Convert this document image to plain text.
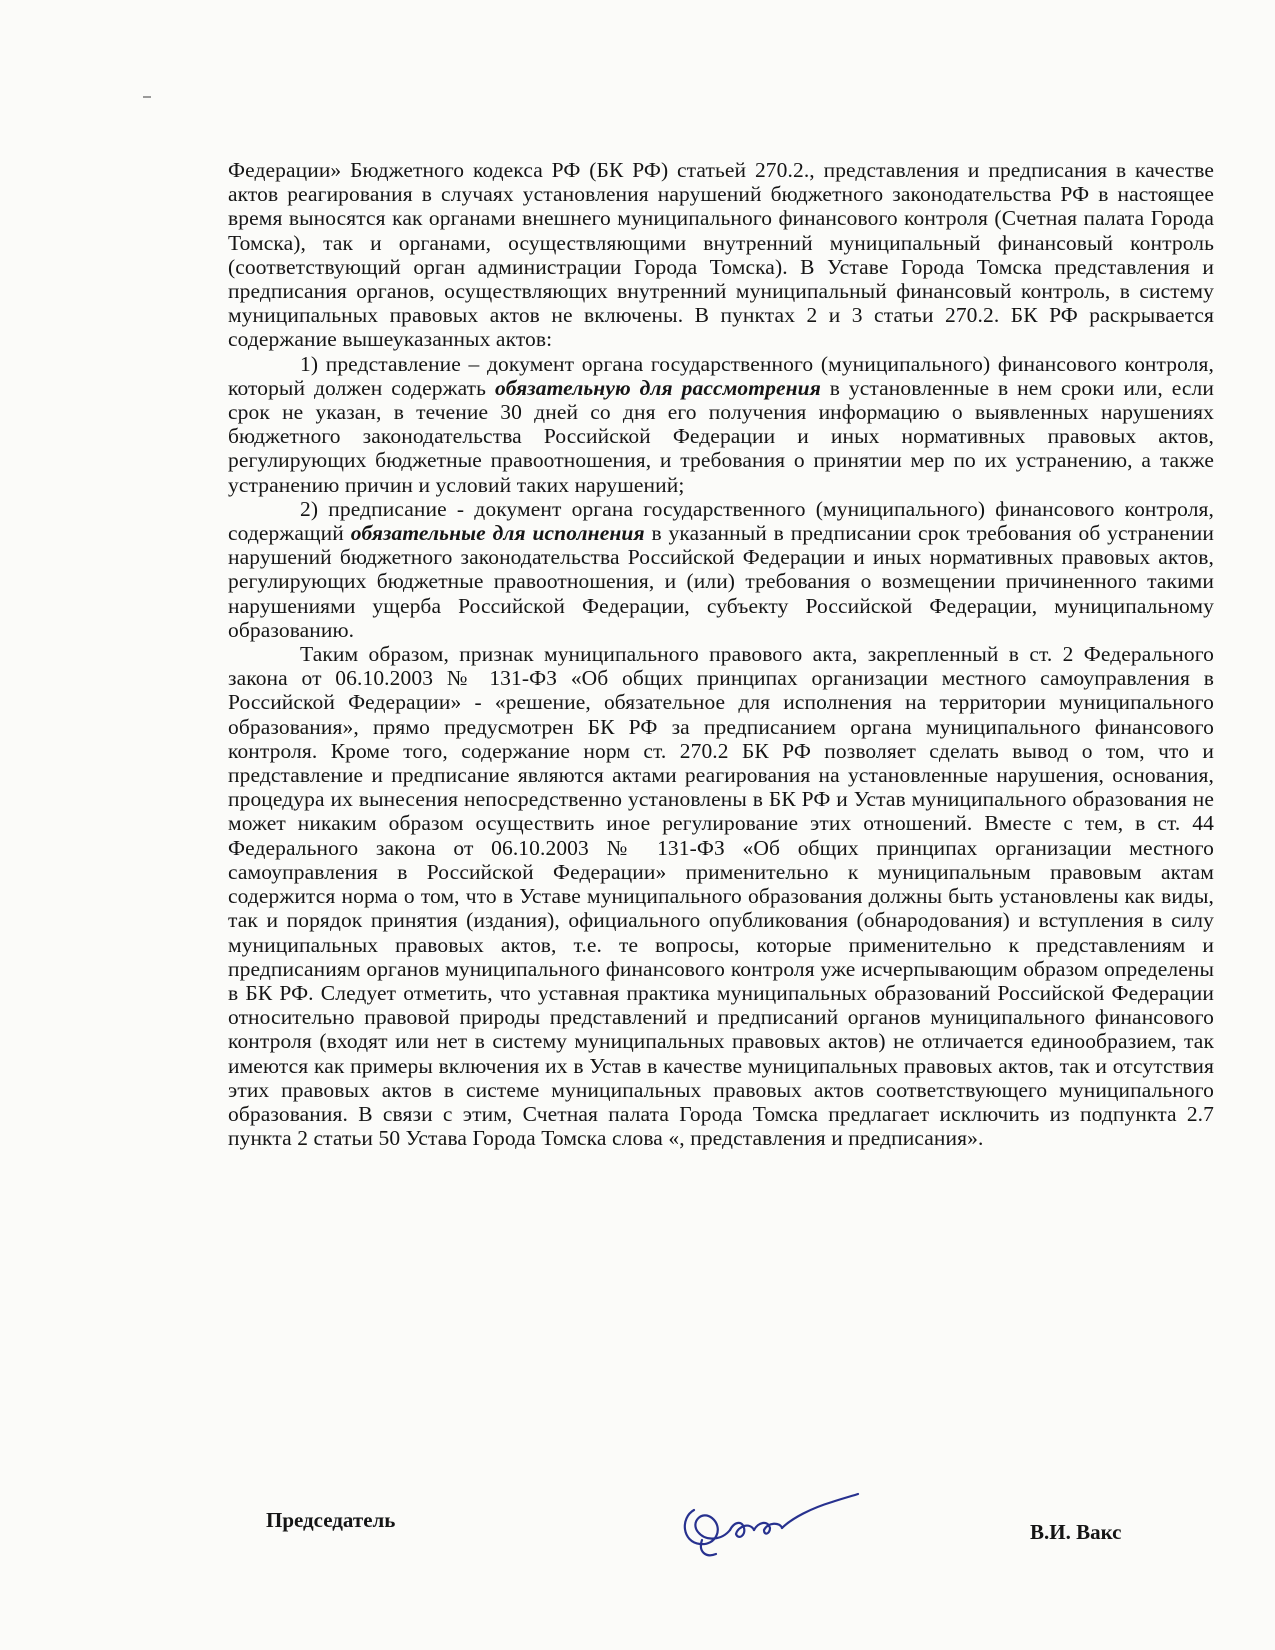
Федерации» Бюджетного кодекса РФ (БК РФ) статьей 270.2., представления и предписания в качестве актов реагирования в случаях установления нарушений бюджетного законодательства РФ в настоящее время выносятся как органами внешнего муниципального финансового контроля (Счетная палата Города Томска), так и органами, осуществляющими внутренний муниципальный финансовый контроль (соответствующий орган администрации Города Томска). В Уставе Города Томска представления и предписания органов, осуществляющих внутренний муниципальный финансовый контроль, в систему муниципальных правовых актов не включены. В пунктах 2 и 3 статьи 270.2. БК РФ раскрывается содержание вышеуказанных актов:

1) представление – документ органа государственного (муниципального) финансового контроля, который должен содержать обязательную для рассмотрения в установленные в нем сроки или, если срок не указан, в течение 30 дней со дня его получения информацию о выявленных нарушениях бюджетного законодательства Российской Федерации и иных нормативных правовых актов, регулирующих бюджетные правоотношения, и требования о принятии мер по их устранению, а также устранению причин и условий таких нарушений;

2) предписание - документ органа государственного (муниципального) финансового контроля, содержащий обязательные для исполнения в указанный в предписании срок требования об устранении нарушений бюджетного законодательства Российской Федерации и иных нормативных правовых актов, регулирующих бюджетные правоотношения, и (или) требования о возмещении причиненного такими нарушениями ущерба Российской Федерации, субъекту Российской Федерации, муниципальному образованию.

Таким образом, признак муниципального правового акта, закрепленный в ст. 2 Федерального закона от 06.10.2003 № 131-ФЗ «Об общих принципах организации местного самоуправления в Российской Федерации» - «решение, обязательное для исполнения на территории муниципального образования», прямо предусмотрен БК РФ за предписанием органа муниципального финансового контроля. Кроме того, содержание норм ст. 270.2 БК РФ позволяет сделать вывод о том, что и представление и предписание являются актами реагирования на установленные нарушения, основания, процедура их вынесения непосредственно установлены в БК РФ и Устав муниципального образования не может никаким образом осуществить иное регулирование этих отношений. Вместе с тем, в ст. 44 Федерального закона от 06.10.2003 № 131-ФЗ «Об общих принципах организации местного самоуправления в Российской Федерации» применительно к муниципальным правовым актам содержится норма о том, что в Уставе муниципального образования должны быть установлены как виды, так и порядок принятия (издания), официального опубликования (обнародования) и вступления в силу муниципальных правовых актов, т.е. те вопросы, которые применительно к представлениям и предписаниям органов муниципального финансового контроля уже исчерпывающим образом определены в БК РФ. Следует отметить, что уставная практика муниципальных образований Российской Федерации относительно правовой природы представлений и предписаний органов муниципального финансового контроля (входят или нет в систему муниципальных правовых актов) не отличается единообразием, так имеются как примеры включения их в Устав в качестве муниципальных правовых актов, так и отсутствия этих правовых актов в системе муниципальных правовых актов соответствующего муниципального образования. В связи с этим, Счетная палата Города Томска предлагает исключить из подпункта 2.7 пункта 2 статьи 50 Устава Города Томска слова «, представления и предписания».

Председатель	В.И. Вакс
